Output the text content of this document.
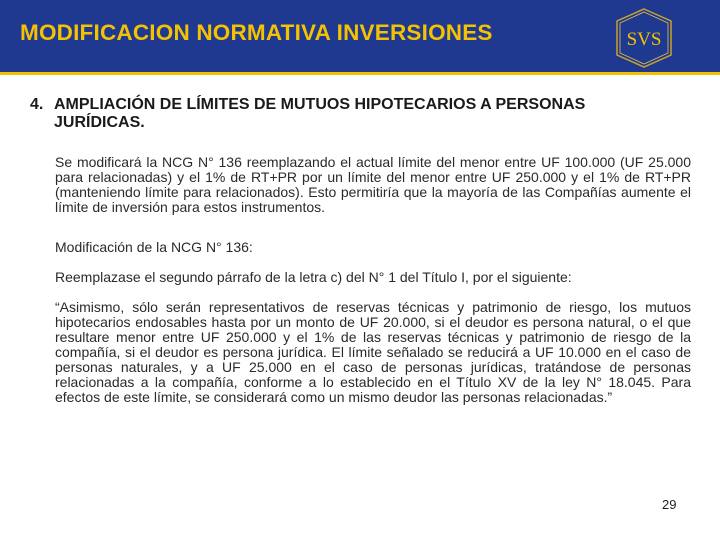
MODIFICACION NORMATIVA INVERSIONES	SVS
4. AMPLIACIÓN DE LÍMITES DE MUTUOS HIPOTECARIOS A PERSONAS JURÍDICAS.
Se modificará la NCG N° 136 reemplazando el actual límite del menor entre UF 100.000 (UF 25.000 para relacionadas) y el 1% de RT+PR por un límite del menor entre UF 250.000 y el 1% de RT+PR (manteniendo límite para relacionados). Esto permitiría que la mayoría de las Compañías aumente el límite de inversión para estos instrumentos.
Modificación de la NCG N° 136:
Reemplazase el segundo párrafo de la letra c) del N° 1 del Título I, por el siguiente:
“Asimismo, sólo serán representativos de reservas técnicas y patrimonio de riesgo, los mutuos hipotecarios endosables hasta por un monto de UF 20.000, si el deudor es persona natural, o el que resultare menor entre UF 250.000 y el 1% de las reservas técnicas y patrimonio de riesgo de la compañía, si el deudor es persona jurídica. El límite señalado se reducirá a UF 10.000 en el caso de personas naturales, y a UF 25.000 en el caso de personas jurídicas, tratándose de personas relacionadas a la compañía, conforme a lo establecido en el Título XV de la ley N° 18.045. Para efectos de este límite, se considerará como un mismo deudor las personas relacionadas.”
29
